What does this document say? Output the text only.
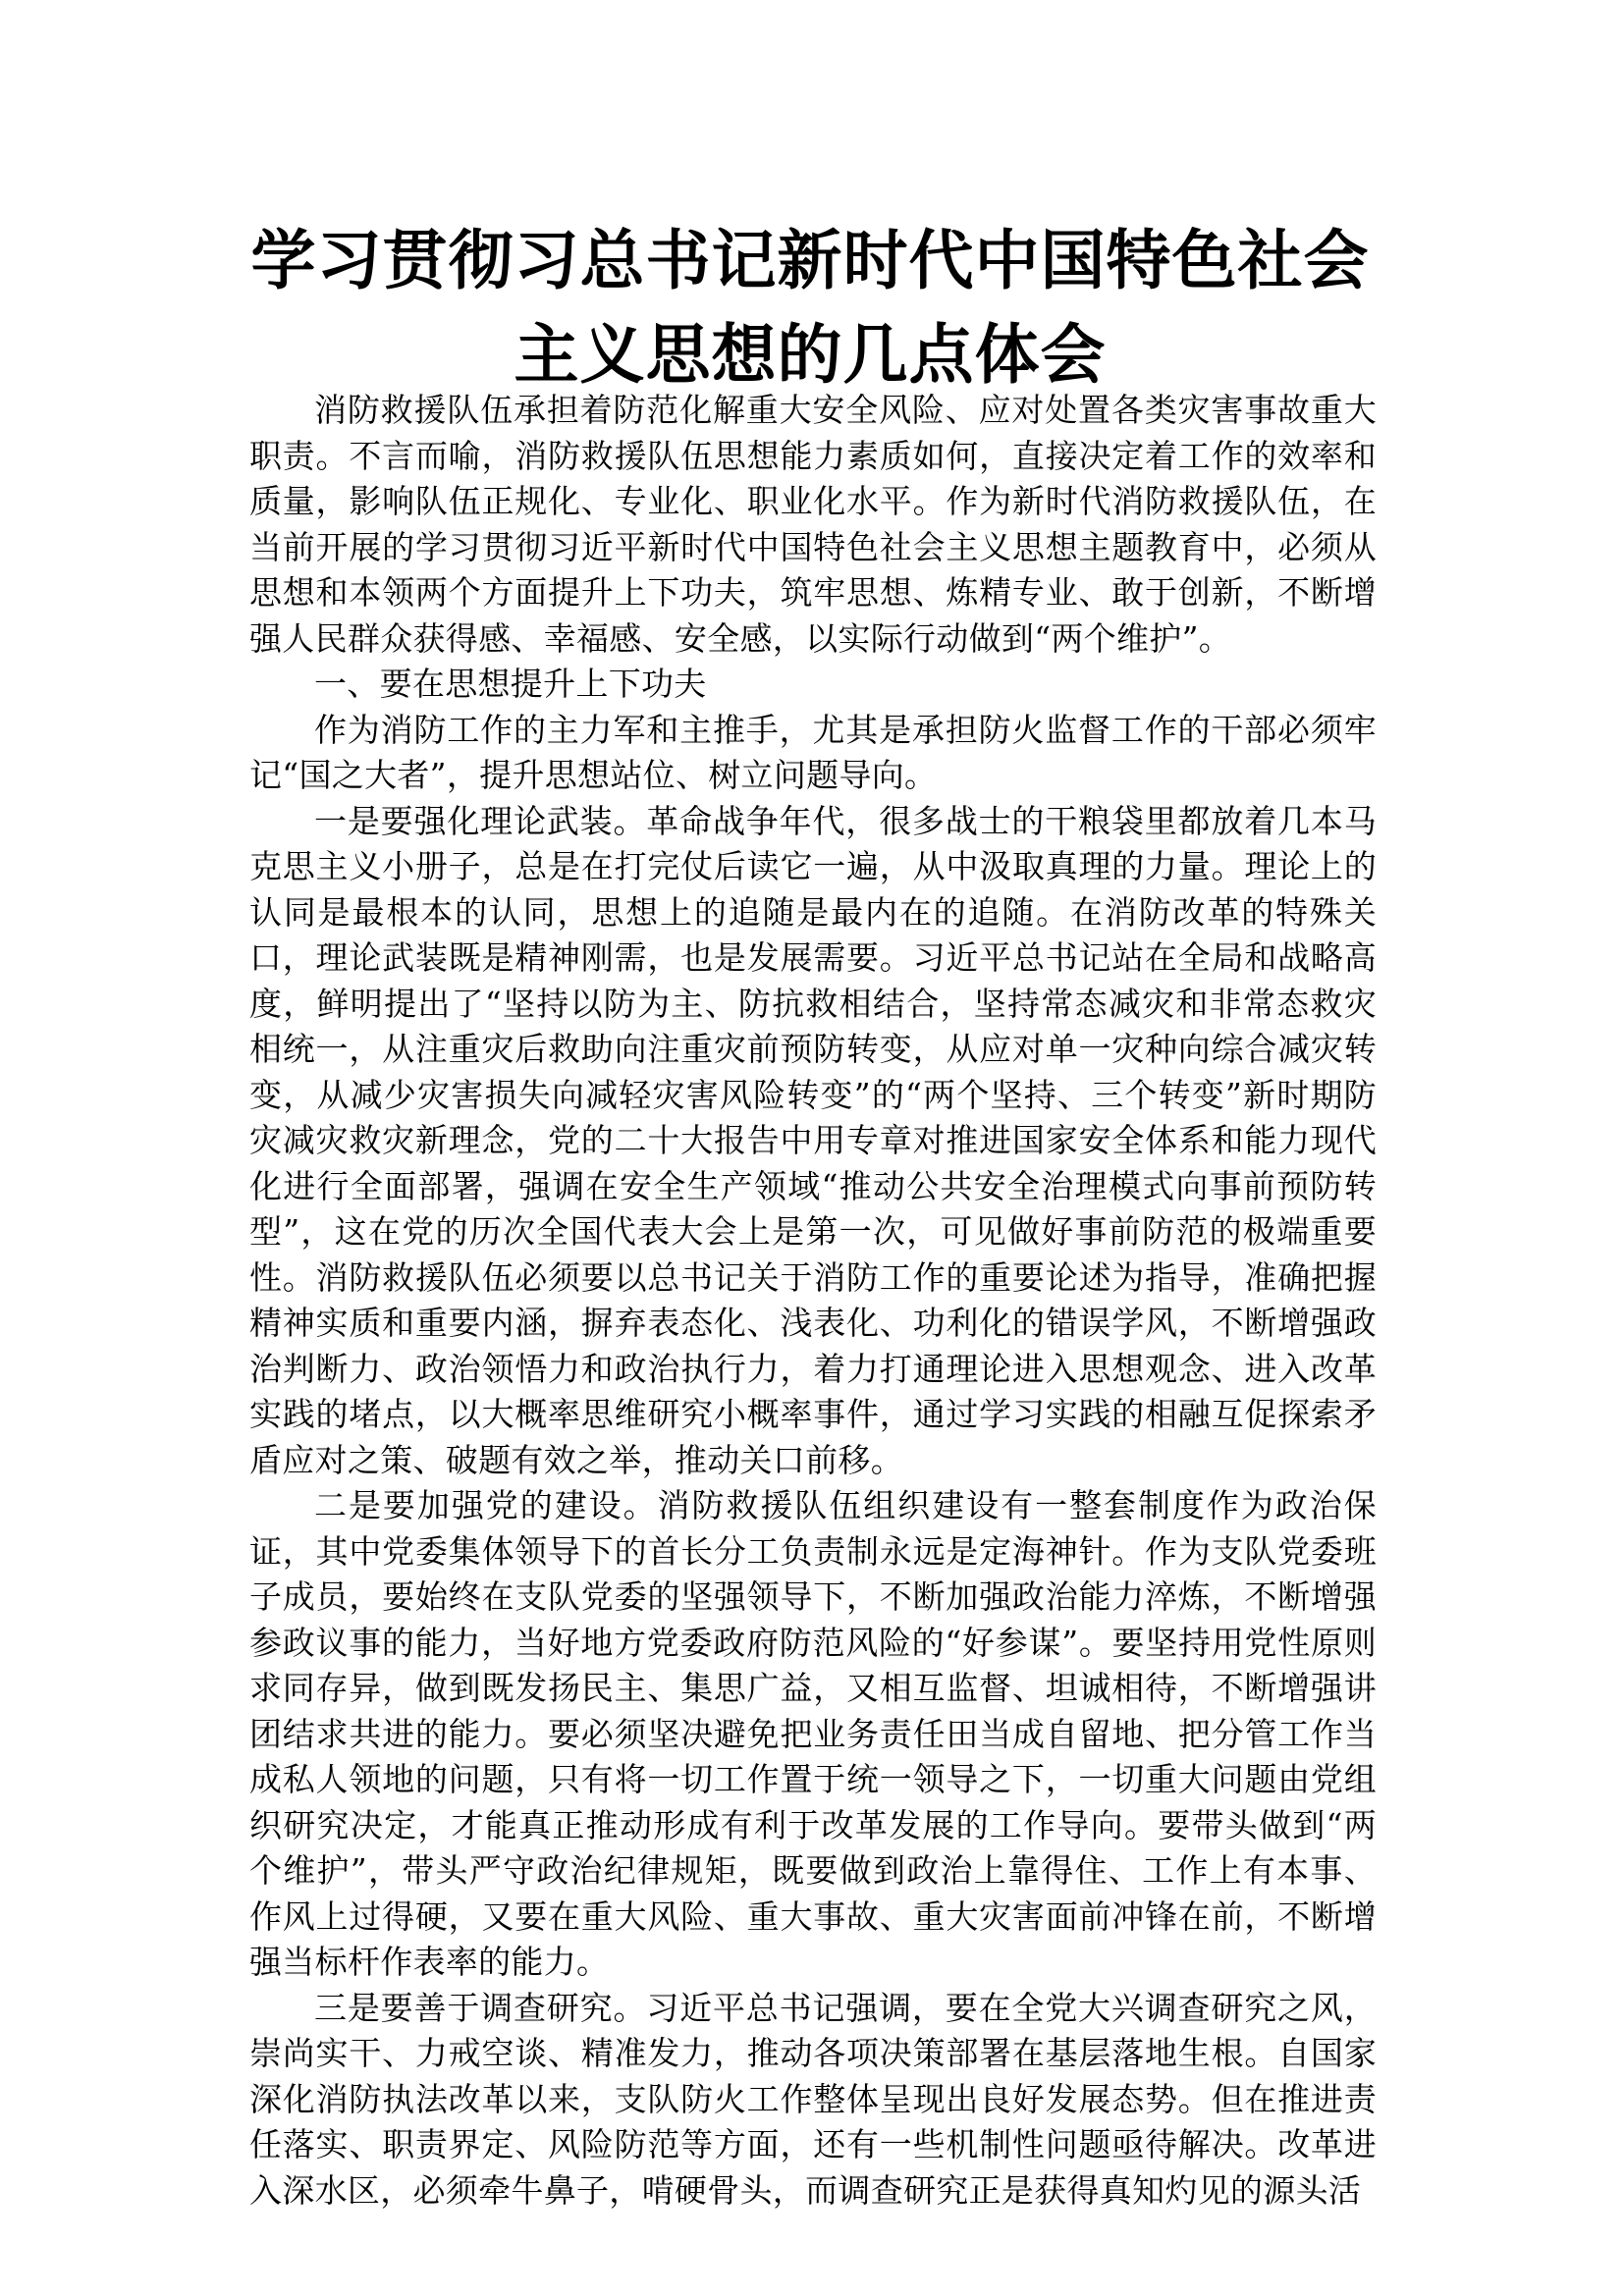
学习贯彻习总书记新时代中国特色社会
主义思想的几点体会

消防救援队伍承担着防范化解重大安全风险、应对处置各类灾害事故重大职责。不言而喻，消防救援队伍思想能力素质如何，直接决定着工作的效率和质量，影响队伍正规化、专业化、职业化水平。作为新时代消防救援队伍，在当前开展的学习贯彻习近平新时代中国特色社会主义思想主题教育中，必须从思想和本领两个方面提升上下功夫，筑牢思想、炼精专业、敢于创新，不断增强人民群众获得感、幸福感、安全感，以实际行动做到“两个维护”。

一、要在思想提升上下功夫

作为消防工作的主力军和主推手，尤其是承担防火监督工作的干部必须牢记“国之大者”，提升思想站位、树立问题导向。

一是要强化理论武装。革命战争年代，很多战士的干粮袋里都放着几本马克思主义小册子，总是在打完仗后读它一遍，从中汲取真理的力量。理论上的认同是最根本的认同，思想上的追随是最内在的追随。在消防改革的特殊关口，理论武装既是精神刚需，也是发展需要。习近平总书记站在全局和战略高度，鲜明提出了“坚持以防为主、防抗救相结合，坚持常态减灾和非常态救灾相统一，从注重灾后救助向注重灾前预防转变，从应对单一灾种向综合减灾转变，从减少灾害损失向减轻灾害风险转变”的“两个坚持、三个转变”新时期防灾减灾救灾新理念，党的二十大报告中用专章对推进国家安全体系和能力现代化进行全面部署，强调在安全生产领域“推动公共安全治理模式向事前预防转型”，这在党的历次全国代表大会上是第一次，可见做好事前防范的极端重要性。消防救援队伍必须要以总书记关于消防工作的重要论述为指导，准确把握精神实质和重要内涵，摒弃表态化、浅表化、功利化的错误学风，不断增强政治判断力、政治领悟力和政治执行力，着力打通理论进入思想观念、进入改革实践的堵点，以大概率思维研究小概率事件，通过学习实践的相融互促探索矛盾应对之策、破题有效之举，推动关口前移。

二是要加强党的建设。消防救援队伍组织建设有一整套制度作为政治保证，其中党委集体领导下的首长分工负责制永远是定海神针。作为支队党委班子成员，要始终在支队党委的坚强领导下，不断加强政治能力淬炼，不断增强参政议事的能力，当好地方党委政府防范风险的“好参谋”。要坚持用党性原则求同存异，做到既发扬民主、集思广益，又相互监督、坦诚相待，不断增强讲团结求共进的能力。要必须坚决避免把业务责任田当成自留地、把分管工作当成私人领地的问题，只有将一切工作置于统一领导之下，一切重大问题由党组织研究决定，才能真正推动形成有利于改革发展的工作导向。要带头做到“两个维护”，带头严守政治纪律规矩，既要做到政治上靠得住、工作上有本事、作风上过得硬，又要在重大风险、重大事故、重大灾害面前冲锋在前，不断增强当标杆作表率的能力。

三是要善于调查研究。习近平总书记强调，要在全党大兴调查研究之风，崇尚实干、力戒空谈、精准发力，推动各项决策部署在基层落地生根。自国家深化消防执法改革以来，支队防火工作整体呈现出良好发展态势。但在推进责任落实、职责界定、风险防范等方面，还有一些机制性问题亟待解决。改革进入深水区，必须牵牛鼻子，啃硬骨头，而调查研究正是获得真知灼见的源头活
